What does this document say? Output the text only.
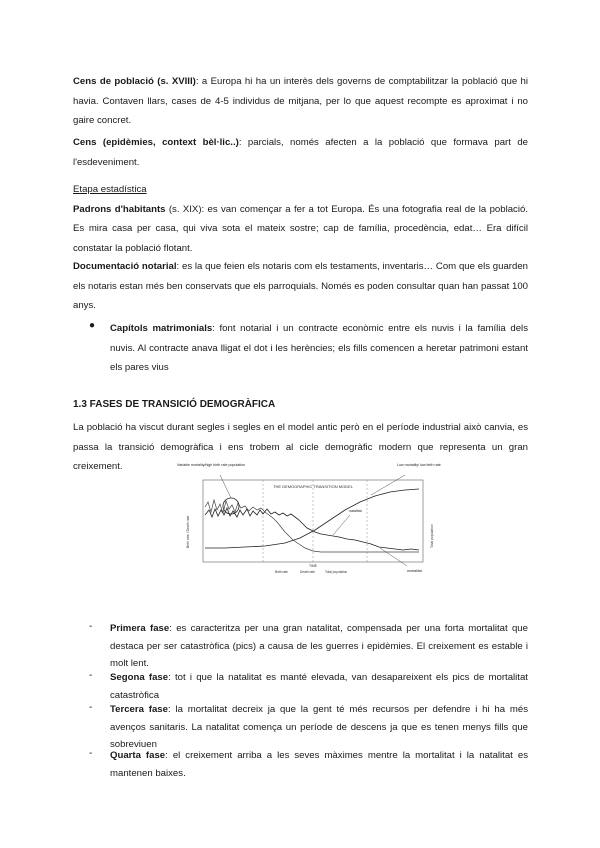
Cens de població (s. XVIII): a Europa hi ha un interès dels governs de comptabilitzar la població que hi havia. Contaven llars, cases de 4-5 individus de mitjana, per lo que aquest recompte es aproximat i no gaire concret.
Cens (epidèmies, context bèl·lic..): parcials, només afecten a la població que formava part de l'esdeveniment.
Etapa estadística
Padrons d'habitants (s. XIX): es van començar a fer a tot Europa. És una fotografia real de la població. Es mira casa per casa, qui viva sota el mateix sostre; cap de família, procedència, edat… Era difícil constatar la població flotant.
Documentació notarial: es la que feien els notaris com els testaments, inventaris… Com que els guarden els notaris estan més ben conservats que els parroquials. Només es poden consultar quan han passat 100 anys.
● Capítols matrimonials: font notarial i un contracte econòmic entre els nuvis i la família dels nuvis. Al contracte anava lligat el dot i les herències; els fills comencen a heretar patrimoni estant els pares vius
1.3 FASES DE TRANSICIÓ DEMOGRÀFICA
La població ha viscut durant segles i segles en el model antic però en el període industrial això canvia, es passa la transició demogràfica i ens trobem al cicle demogràfic modern que representa un gran creixement.
THE DEMOGRAPHIC TRANSITION MODEL
Variable mortality/high birth rate population	Low mortality/ low birth rate
natalitat
mortalitat
Birth rate / Death rate	Total population
TIME
Birth rate	Death rate	Total population
- Primera fase: es caracteritza per una gran natalitat, compensada per una forta mortalitat que destaca per ser catastròfica (pics) a causa de les guerres i epidèmies. El creixement es estable i molt lent.
- Segona fase: tot i que la natalitat es manté elevada, van desapareixent els pics de mortalitat catastròfica
- Tercera fase: la mortalitat decreix ja que la gent té més recursos per defendre i hi ha més avenços sanitaris. La natalitat comença un període de descens ja que es tenen menys fills que sobreviuen
- Quarta fase: el creixement arriba a les seves màximes mentre la mortalitat i la natalitat es mantenen baixes.
